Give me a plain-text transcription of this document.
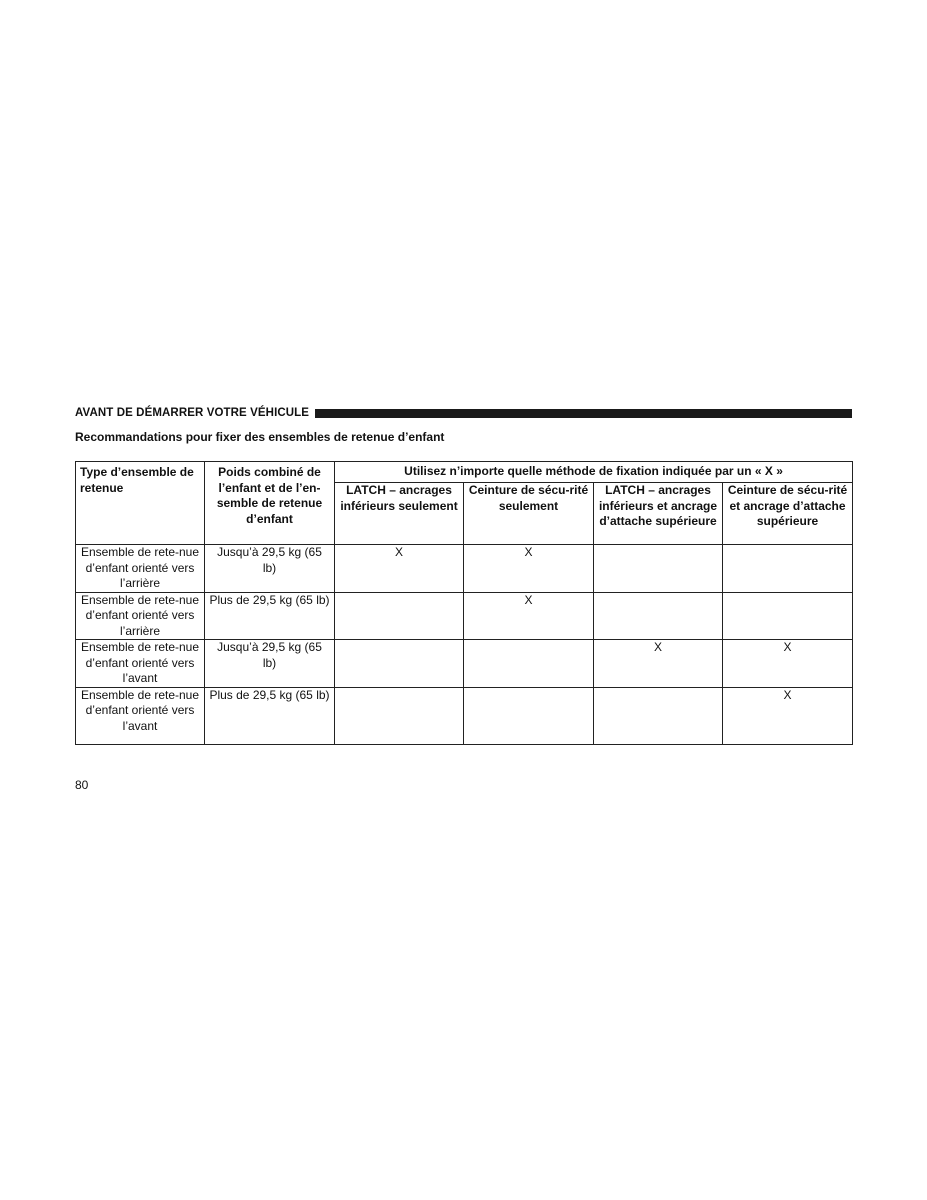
AVANT DE DÉMARRER VOTRE VÉHICULE
Recommandations pour fixer des ensembles de retenue d’enfant
Type d’ensemble de retenue	Poids combiné de l’enfant et de l’en-semble de retenue d’enfant	Utilisez n’importe quelle méthode de fixation indiquée par un « X »			
		LATCH – ancrages inférieurs seulement	Ceinture de sécu-rité seulement	LATCH – ancrages inférieurs et ancrage d’attache supérieure	Ceinture de sécu-rité et ancrage d’attache supérieure
Ensemble de rete-nue d’enfant orienté vers l’arrière	Jusqu’à 29,5 kg (65 lb)	X	X		
Ensemble de rete-nue d’enfant orienté vers l’arrière	Plus de 29,5 kg (65 lb)		X		
Ensemble de rete-nue d’enfant orienté vers l’avant	Jusqu’à 29,5 kg (65 lb)			X	X
Ensemble de rete-nue d’enfant orienté vers l’avant	Plus de 29,5 kg (65 lb)				X
80
